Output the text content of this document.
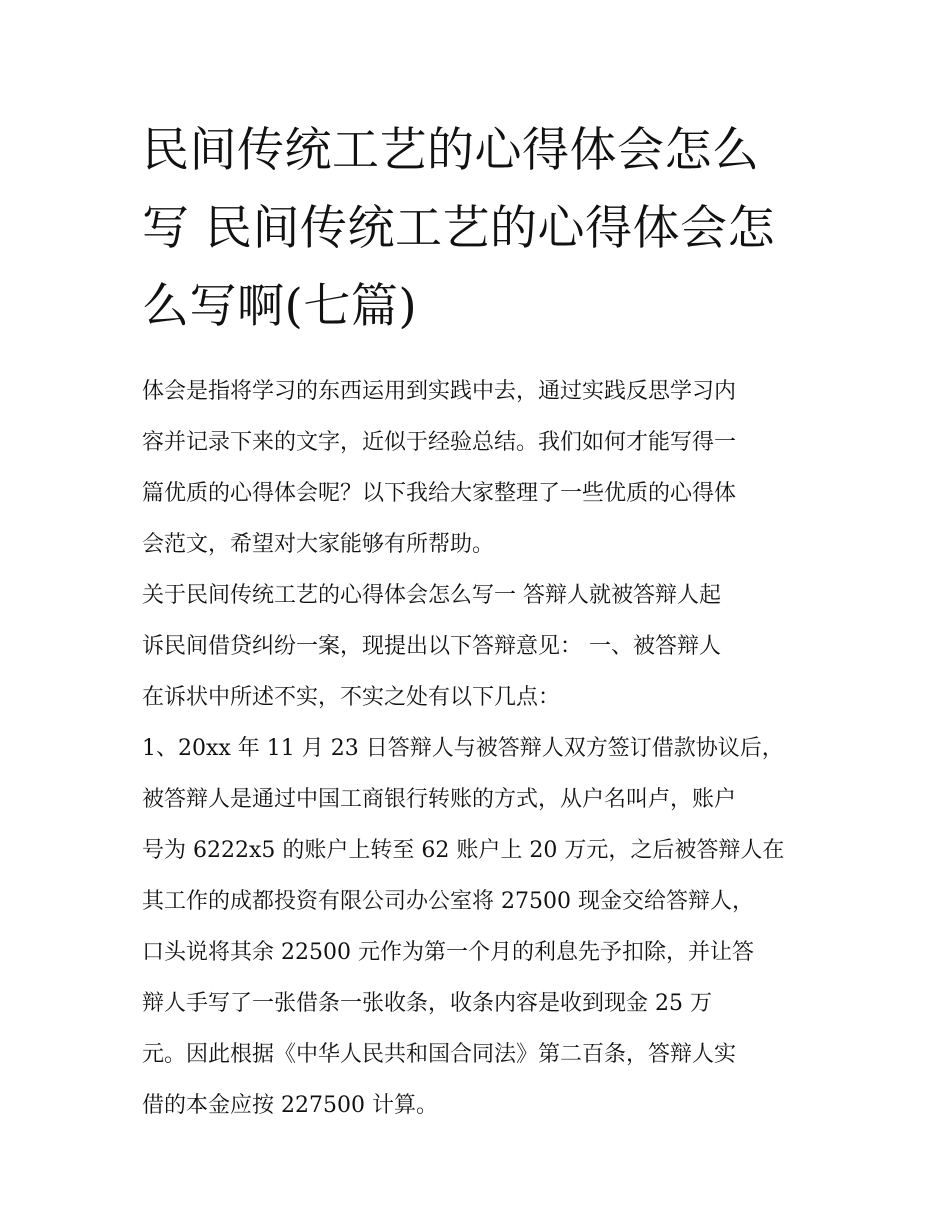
民间传统工艺的心得体会怎么
写 民间传统工艺的心得体会怎
么写啊(七篇)

体会是指将学习的东西运用到实践中去，通过实践反思学习内
容并记录下来的文字，近似于经验总结。我们如何才能写得一
篇优质的心得体会呢？以下我给大家整理了一些优质的心得体
会范文，希望对大家能够有所帮助。

关于民间传统工艺的心得体会怎么写一 答辩人就被答辩人起
诉民间借贷纠纷一案，现提出以下答辩意见： 一、被答辩人
在诉状中所述不实，不实之处有以下几点：

1、20xx 年 11 月 23 日答辩人与被答辩人双方签订借款协议后，
被答辩人是通过中国工商银行转账的方式，从户名叫卢，账户
号为 6222x5 的账户上转至 62 账户上 20 万元，之后被答辩人在
其工作的成都投资有限公司办公室将 27500 现金交给答辩人，
口头说将其余 22500 元作为第一个月的利息先予扣除，并让答
辩人手写了一张借条一张收条，收条内容是收到现金 25 万
元。因此根据《中华人民共和国合同法》第二百条，答辩人实
借的本金应按 227500 计算。
